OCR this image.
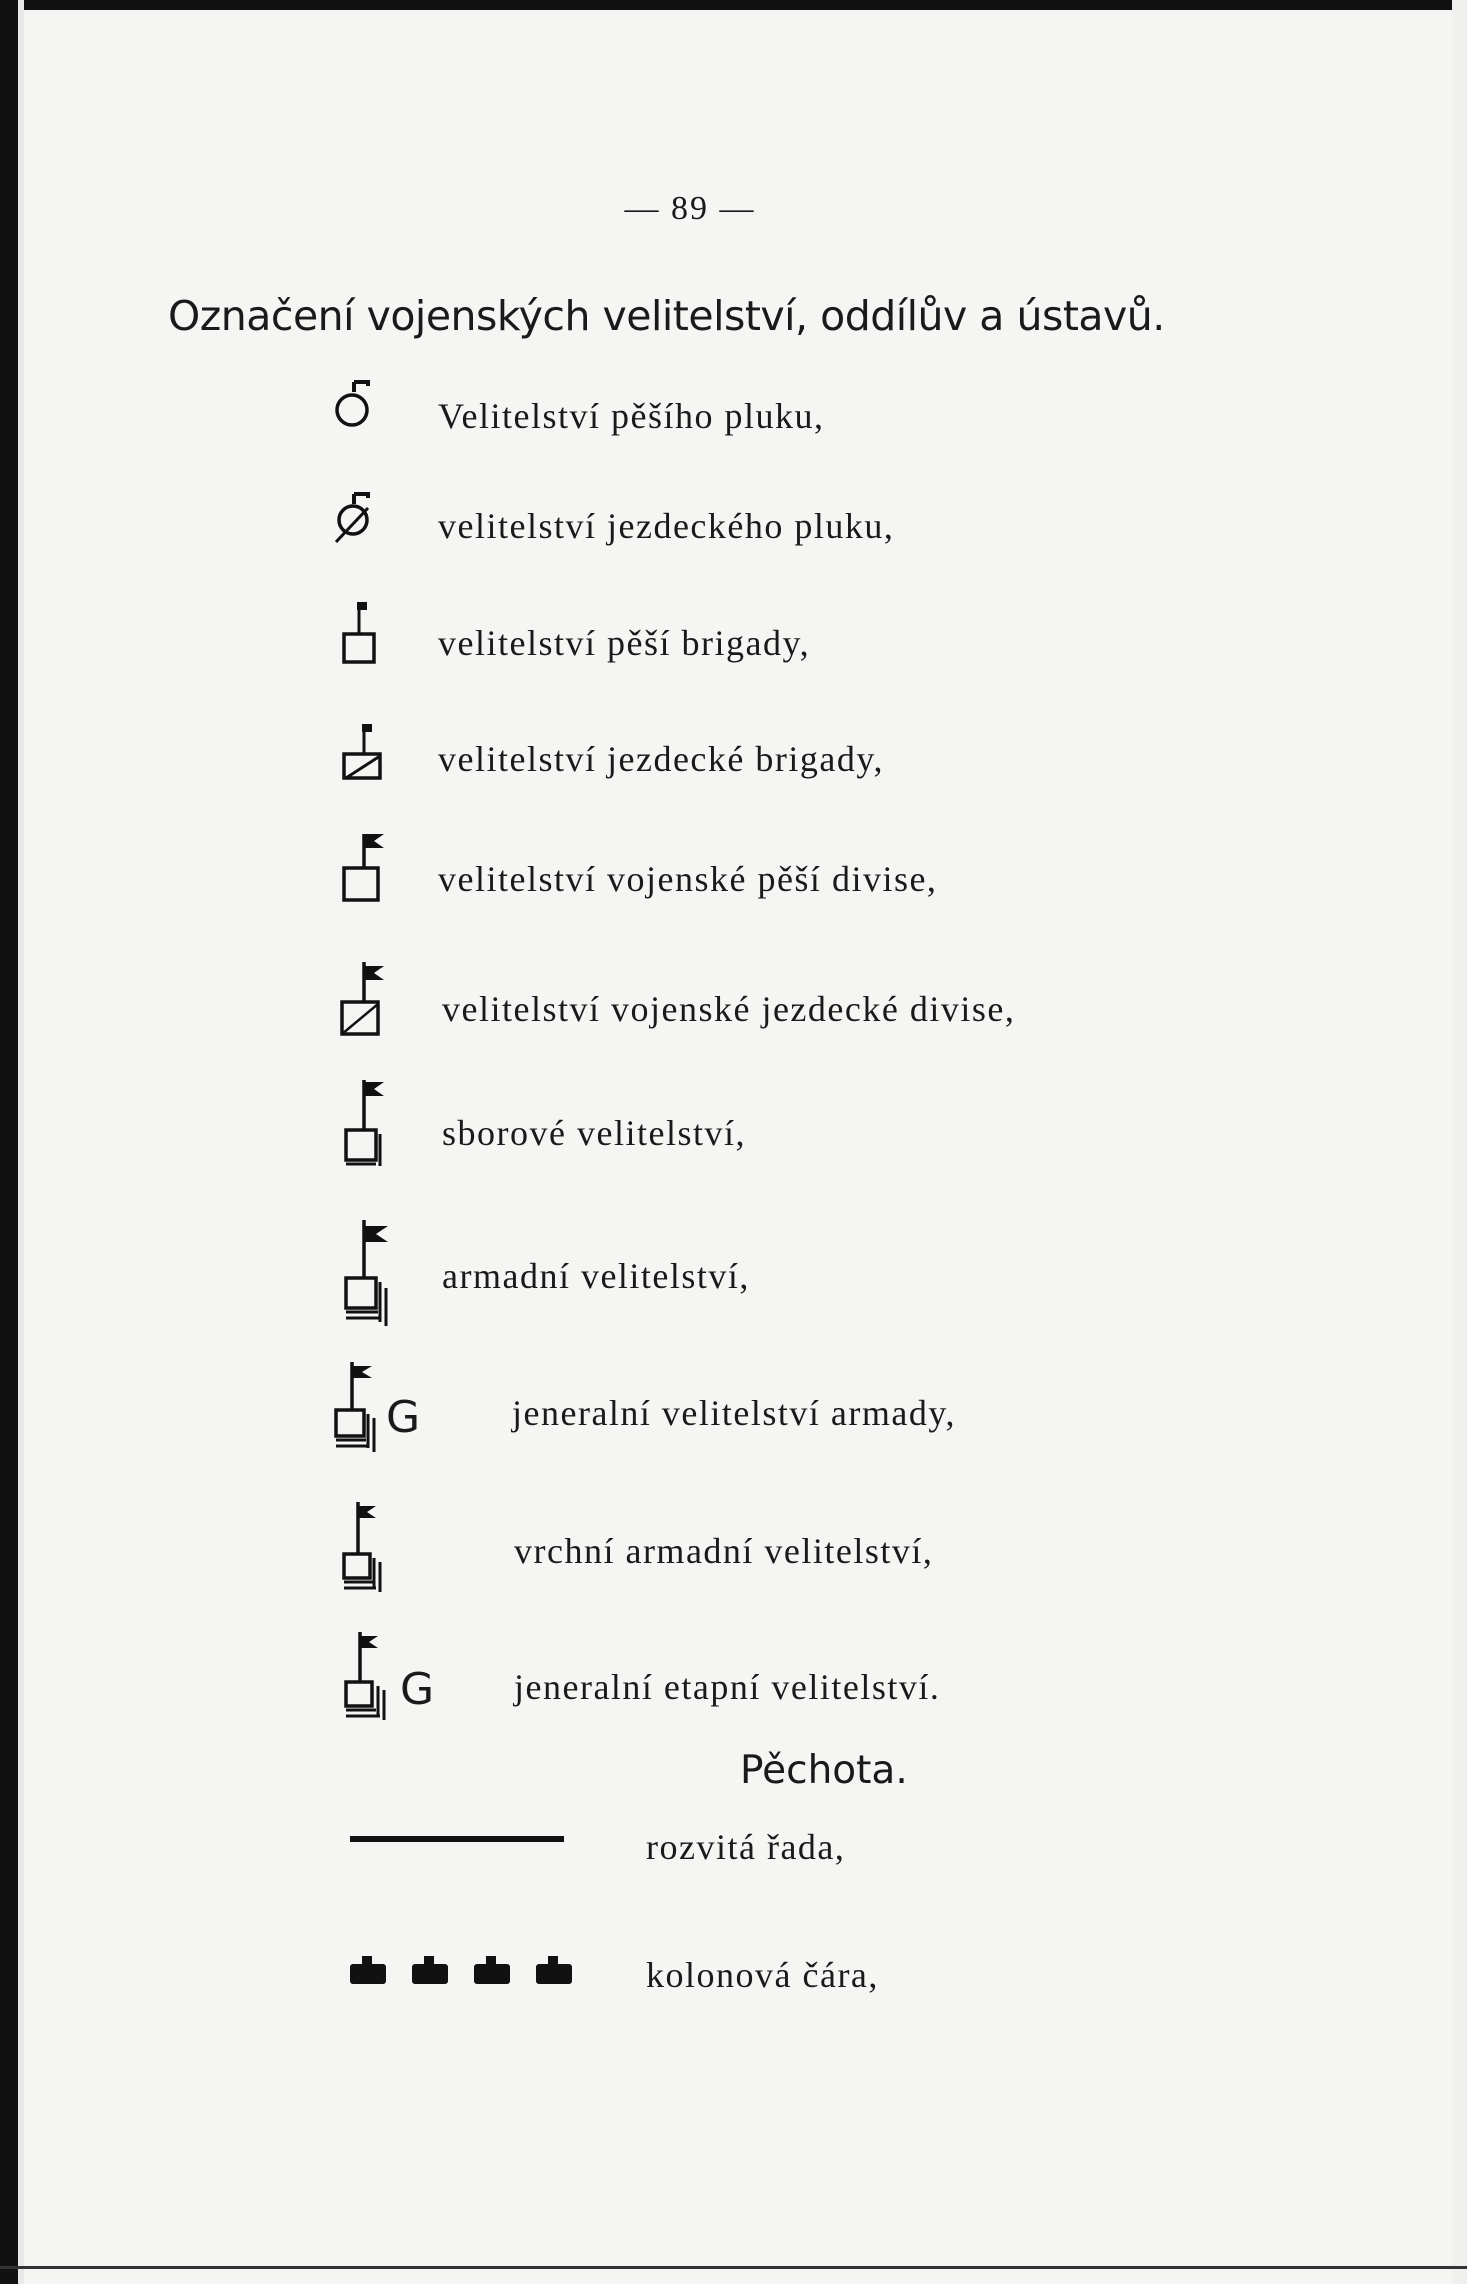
— 89 —
Označení vojenských velitelství, oddílův a ústavů.
Velitelství pěšího pluku,
velitelství jezdeckého pluku,
velitelství pěší brigady,
velitelství jezdecké brigady,
velitelství vojenské pěší divise,
velitelství vojenské jezdecké divise,
sborové velitelství,
armadní velitelství,
G	jeneralní velitelství armady,
vrchní armadní velitelství,
G jeneralní etapní velitelství.
Pěchota.
rozvitá řada,
kolonová čára,
